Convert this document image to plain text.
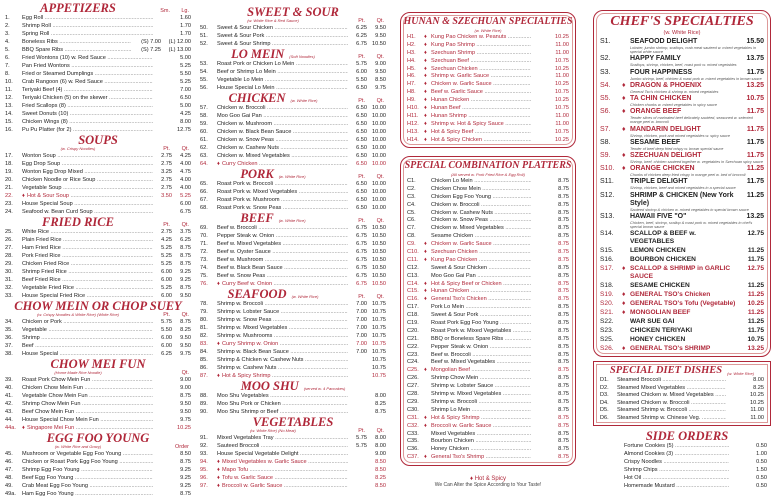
APPETIZERS	Sm.	Lg.
1.	Egg Roll .....	1.60
2.	Shrimp Roll .....	1.70
3.	Spring Roll .....	1.70
4.	Boneless Ribs .....	(S) 7.00	(L) 12.00
5.	BBQ Spare Ribs .....	(S) 7.25	(L) 13.00
6.	Fried Wontons (10) w. Red Sauce .....	5.00
7.	Pan Fried Wontons .....	5.25
8.	Fried or Steamed Dumplings .....	5.50
10.	Crab Rangoon (6) w. Red Sauce .....	5.25
11.	Teriyaki Beef (4) .....	7.00
12.	Teriyaki Chicken (5) on the skewer .....	6.50
13.	Fried Scallops (8) .....	5.00
14.	Sweet Donuts (10) .....	4.25
15.	Chicken Wings (8) .....	8.00
16.	Pu Pu Platter (for 2) .....	12.75
SOUPS
(w. Crispy Noodles)	Pt.	Qt.
17.	Wonton Soup .....	2.75	4.25
18.	Egg Drop Soup .....	2.75	4.00
19.	Wonton Egg Drop Mixed .....	3.25	4.75
20.	Chicken Noodle or Rice Soup .....	2.75	4.00
21.	Vegetable Soup .....	2.75	4.00
22.	♦ Hot & Sour Soup .....	3.50	5.25
23.	House Special Soup .....	6.00
24.	Seafood w. Bean Curd Soup .....	6.75
FRIED RICE	Pt.	Qt.
25.	White Rice .....	2.75	3.75
26.	Plain Fried Rice .....	4.25	6.25
27.	Ham Fried Rice .....	5.25	8.75
28.	Pork Fried Rice .....	5.25	8.75
29.	Chicken Fried Rice .....	5.25	8.75
30.	Shrimp Fried Rice .....	6.00	9.25
31.	Beef Fried Rice .....	6.00	9.25
32.	Vegetable Fried Rice .....	5.25	8.75
33.	House Special Fried Rice .....	6.00	9.50
CHOW MEIN OR CHOP SUEY
(w. Crispy Noodles & White Rice) (White Rice)	Pt.	Qt.
34.	Chicken or Pork .....	5.75	8.75
35.	Vegetable .....	5.50	8.25
36.	Shrimp .....	6.00	9.50
37.	Beef .....	6.00	9.50
38.	House Special .....	6.25	9.75
CHOW MEI FUN
(Home Made Rice Noodle)	Qt.
39.	Roast Pork Chow Mein Fun .....	9.00
40.	Chicken Chow Mein Fun .....	9.00
41.	Vegetable Chow Mein Fun .....	8.75
42.	Shrimp Chow Mein Fun .....	9.50
43.	Beef Chow Mein Fun .....	9.50
44.	House Special Chow Mein Fun .....	9.75
44a.	♦ Singapore Mei Fun .....	10.25
EGG FOO YOUNG
(w. White Rice and Gravy)	Order
45.	Mushroom or Vegetable Egg Foo Young .....	8.50
46.	Chicken or Roast Pork Egg Foo Young .....	8.75
47.	Shrimp Egg Foo Young .....	9.25
48.	Beef Egg Foo Young .....	9.25
49.	Crab Meat Egg Foo Young .....	9.25
49a.	Ham Egg Foo Young .....	8.75
SWEET & SOUR
(w. White Rice & Red Sauce)	Pt.	Qt.
50.	Sweet & Sour Chicken .....	6.25	9.50
51.	Sweet & Sour Pork .....	6.25	9.50
52.	Sweet & Sour Shrimp .....	6.75 10.50
LO MEIN (Soft Noodles)	Pt.	Qt.
53.	Roast Pork or Chicken Lo Mein .....	5.75	9.00
54.	Beef or Shrimp Lo Mein .....	6.00	9.50
55.	Vegetable Lo Mein .....	5.50	8.50
56.	House Special Lo Mein .....	6.50	9.75
CHICKEN (w. White Rice)	Pt.	Qt.
57.	Chicken w. Broccoli .....	6.50 10.00
58.	Moo Goo Gai Pan .....	6.50 10.00
59.	Chicken w. Mushroom .....	6.50 10.00
60.	Chicken w. Black Bean Sauce .....	6.50 10.00
61.	Chicken w. Snow Peas .....	6.50 10.00
62.	Chicken w. Cashew Nuts .....	6.50 10.00
63.	Chicken w. Mixed Vegetables .....	6.50 10.00
64.	♦ Curry Chicken .....	6.50 10.00
PORK (w. White Rice)	Pt.	Qt.
65.	Roast Pork w. Broccoli .....	6.50 10.00
66.	Roast Pork w. Mixed Vegetables .....	6.50 10.00
67.	Roast Pork w. Mushroom .....	6.50 10.00
68.	Roast Pork w. Snow Peas .....	6.50 10.00
BEEF (w. White Rice)	Pt.	Qt.
69.	Beef w. Broccoli .....	6.75 10.50
70.	Pepper Steak w. Onion .....	6.75 10.50
71.	Beef w. Mixed Vegetables .....	6.75 10.50
72.	Beef w. Oyster Sauce .....	6.75 10.50
73.	Beef w. Mushroom .....	6.75 10.50
74.	Beef w. Black Bean Sauce .....	6.75 10.50
75.	Beef w. Snow Peas .....	6.75 10.50
76.	♦ Curry Beef w. Onion .....	6.75 10.50
SEAFOOD (w. White Rice)	Pt.	Qt.
78.	Shrimp w. Broccoli .....	7.00 10.75
79.	Shrimp w. Lobster Sauce .....	7.00 10.75
80.	Shrimp w. Snow Peas .....	7.00 10.75
81.	Shrimp w. Mixed Vegetables .....	7.00 10.75
82.	Shrimp w. Mushrooms .....	7.00 10.75
83.	♦ Curry Shrimp w. Onion .....	7.00 10.75
84.	Shrimp w. Black Bean Sauce .....	7.00 10.75
85.	Shrimp & Chicken w. Cashew Nuts .....	10.75
86.	Shrimp w. Cashew Nuts .....	10.75
87.	♦ Hot & Spicy Shrimp .....	10.75
MOO SHU (served w. 4 Pancakes)
88.	Moo Shu Vegetables .....	8.00
89.	Moo Shu Pork or Chicken .....	8.25
90.	Moo Shu Shrimp or Beef .....	8.75
VEGETABLES
(w. White Rice) (No Meat)	Pt.	Qt.
91.	Mixed Vegetables Tray .....	5.75	8.00
92.	Sauteed Broccoli .....	5.75	8.00
93.	House Special Vegetable Delight .....	9.00
94.	♦ Mixed Vegetables w. Garlic Sauce .....	8.50
95.	♦ Mapo Tofu .....	8.50
96.	♦ Tofu w. Garlic Sauce .....	8.25
97.	♦ Broccoli w. Garlic Sauce .....	8.50
HUNAN & SZECHUAN SPECIALTIES
(w. White Rice)
H1.	♦ Kung Pao Chicken w. Peanuts .....	10.25
H2.	♦ Kung Pao Shrimp .....	11.00
H3.	♦ Szechuan Shrimp .....	11.00
H4.	♦ Szechuan Beef .....	10.75
H5.	♦ Szechuan Chicken .....	10.25
H6.	♦ Shrimp w. Garlic Sauce .....	11.00
H7.	♦ Chicken w. Garlic Sauce .....	10.25
H8.	♦ Beef w. Garlic Sauce .....	10.75
H9.	♦ Hunan Chicken .....	10.25
H10. ♦ Hunan Beef .....	10.75
H11. ♦ Hunan Shrimp .....	11.00
H12. ♦ Shrimp w. Hot & Spicy Sauce .....	11.00
H13. ♦ Hot & Spicy Beef .....	10.75
H14. ♦ Hot & Spicy Chicken .....	10.25
SPECIAL COMBINATION PLATTERS
(All served w. Pork Fried Rice & Egg Roll)
C1.	Chicken Lo Mein .....	8.75
C2.	Chicken Chow Mein .....	8.75
C3.	Chicken Egg Foo Young .....	8.75
C4.	Chicken w. Broccoli .....	8.75
C5.	Chicken w. Cashew Nuts .....	8.75
C6.	Chicken w. Snow Peas .....	8.75
C7.	Chicken w. Mixed Vegetables .....	8.75
C8.	Sesame Chicken .....	8.75
C9.	♦ Chicken w. Garlic Sauce .....	8.75
C10. ♦ Szechuan Chicken .....	8.75
C11. ♦ Kung Pao Chicken .....	8.75
C12.	Sweet & Sour Chicken .....	8.75
C13.	Moo Goo Gai Pan .....	8.75
C14. ♦ Hot & Spicy Beef or Chicken .....	8.75
C15. ♦ Hunan Chicken .....	8.75
C16. ♦ General Tso's Chicken .....	8.75
C17.	Pork Lo Mein .....	8.75
C18.	Sweet & Sour Pork .....	8.75
C19.	Roast Pork Egg Foo Young .....	8.75
C20.	Roast Pork w. Mixed Vegetables .....	8.75
C21.	BBQ or Boneless Spare Ribs .....	8.75
C22.	Pepper Steak w. Onion .....	8.75
C23.	Beef w. Broccoli .....	8.75
C24.	Beef w. Mixed Vegetables .....	8.75
C25. ♦ Mongolian Beef .....	8.75
C26.	Shrimp Chow Mein .....	8.75
C27.	Shrimp w. Lobster Sauce .....	8.75
C28.	Shrimp w. Mixed Vegetables .....	8.75
C29.	Shrimp w. Broccoli .....	8.75
C30.	Shrimp Lo Mein .....	8.75
C31. ♦ Hot & Spicy Shrimp .....	8.75
C32. ♦ Broccoli w. Garlic Sauce .....	8.75
C33.	Mixed Vegetables .....	8.75
C35.	Bourbon Chicken .....	8.75
C36.	Honey Chicken .....	8.75
C37. ♦ General Tso's Shrimp .....	8.75
♦ Hot & Spicy
We Can Alter the Spice According to Your Taste!
CHEF'S SPECIALTIES
(w. White Rice)
S1.	SEAFOOD DELIGHT	15.50
Lobster, jumbo shrimp, scallops, crab meat sauteed w. mixed vegetables in special white sauce
S2.	HAPPY FAMILY	13.75
Scallops, shrimp, chicken, beef, roast pork w. mixed vegetables
S3.	FOUR HAPPINESS	11.75
Jumbo shrimp, beef, chicken & roast pork w. mixed vegetables in brown sauce
S4.	♦ DRAGON & PHOENIX	13.25
General Tso's chicken & shrimp w. mixed vegetables
S5.	♦ TA CHIN CHICKEN	10.75
Chicken chunks w. mixed vegetables in spicy sauce
S6.	♦ ORANGE BEEF	11.75
Tender slices of marinated beef delicately sautéed, seasoned w. selected orange peel w. broccoli
S7.	♦ MANDARIN DELIGHT	11.75
Shrimp, chicken, pork and mixed vegetables w. spicy sauce
S8.	SESAME BEEF	11.75
Tender of beef deep fried crispy w. brown special sauce
S9.	♦ SZECHUAN DELIGHT	11.75
Shrimp, beef, chicken sauteed together w. vegetables in Szechuan spicy sauce
S10.	♦ ORANGE CHICKEN	11.25
Chunks of chicken deep fried crispy in orange peel w. bed of broccoli
S11.	TRIPLE DELIGHT	11.75
Shrimp, chicken, beef and mixed vegetables in a special sauce
S12.	SHRIMP & CHICKEN (New York Style)
11.25
Sauteed shrimp & chicken w. mixed vegetables in special brown sauce
S13.	HAWAII FIVE "O"	13.25
Chicken, beef, shrimp, scallop & roast pork w. mixed vegetables in chef's special brown sauce
S14.	SCALLOP & BEEF w. VEGETABLES
12.75
S15.	LEMON CHICKEN	11.25
S16.	BOURBON CHICKEN	11.75
S17.	♦ SCALLOP & SHRIMP in GARLIC SAUCE
12.75
S18.	SESAME CHICKEN	11.25
S19.	♦ GENERAL TSO's Chicken	11.25
S20.	♦ GENERAL TSO's Tofu (Vegetable)	10.25
S21.	♦ MONGOLIAN BEEF	11.25
S22.	WAR SUE GAI	11.25
S23.	CHICKEN TERIYAKI	11.75
S25.	HONEY CHICKEN	10.75
S26.	♦ GENERAL TSO's SHRIMP	13.25
SPECIAL DIET DISHES (w. White Rice)
D1.	Steamed Broccoli .....	8.00
D2.	Steamed Mixed Vegetables .....	8.25
D3.	Steamed Chicken w. Mixed Vegetables .....	10.25
D4.	Steamed Chicken w. Broccoli .....	10.25
D5.	Steamed Shrimp w. Broccoli .....	11.00
D6.	Steamed Shrimp w. Chinese Veg. .....	11.00
SIDE ORDERS
Fortune Cookies (5) .....	0.50
Almond Cookies (3) .....	1.00
Crispy Noodles .....	0.50
Shrimp Chips .....	1.50
Hot Oil .....	0.50
Homemade Mustard .....	0.50
